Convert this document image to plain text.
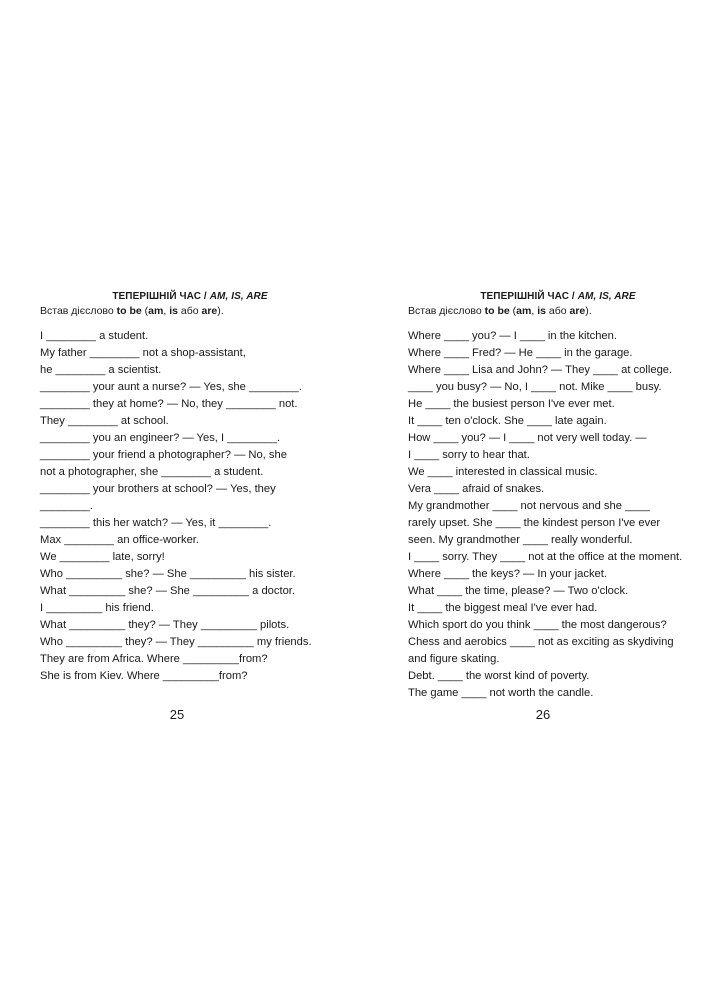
ТЕПЕРІШНІЙ ЧАС / AM, IS, ARE
Встав дієслово to be (am, is або are).
I ________ a student.
My father ________ not a shop-assistant,
he ________ a scientist.
________ your aunt a nurse? — Yes, she ________.
________ they at home? — No, they ________ not.
They ________ at school.
________ you an engineer? — Yes, I ________.
________ your friend a photographer? — No, she
not a photographer, she ________ a student.
________ your brothers at school? — Yes, they
________.
________ this her watch? — Yes, it ________.
Max ________ an office-worker.
We ________ late, sorry!
Who _________ she? — She _________ his sister.
What _________ she? — She _________ a doctor.
I _________ his friend.
What _________ they? — They _________ pilots.
Who _________ they? — They _________ my friends.
They are from Africa. Where _________from?
She is from Kiev. Where _________from?
25
ТЕПЕРІШНІЙ ЧАС / AM, IS, ARE
Встав дієслово to be (am, is або are).
Where ____ you? — I ____ in the kitchen.
Where ____ Fred? — He ____ in the garage.
Where ____ Lisa and John? — They ____ at college.
____ you busy? — No, I ____ not. Mike ____ busy.
He ____ the busiest person I've ever met.
It ____ ten o'clock. She ____ late again.
How ____ you? — I ____ not very well today. —
I ____ sorry to hear that.
We ____ interested in classical music.
Vera ____ afraid of snakes.
My grandmother ____ not nervous and she ____
rarely upset. She ____ the kindest person I've ever
seen. My grandmother ____ really wonderful.
I ____ sorry. They ____ not at the office at the moment.
Where ____ the keys? — In your jacket.
What ____ the time, please? — Two o'clock.
It ____ the biggest meal I've ever had.
Which sport do you think ____ the most dangerous?
Chess and aerobics ____ not as exciting as skydiving
and figure skating.
Debt. ____ the worst kind of poverty.
The game ____ not worth the candle.
26
